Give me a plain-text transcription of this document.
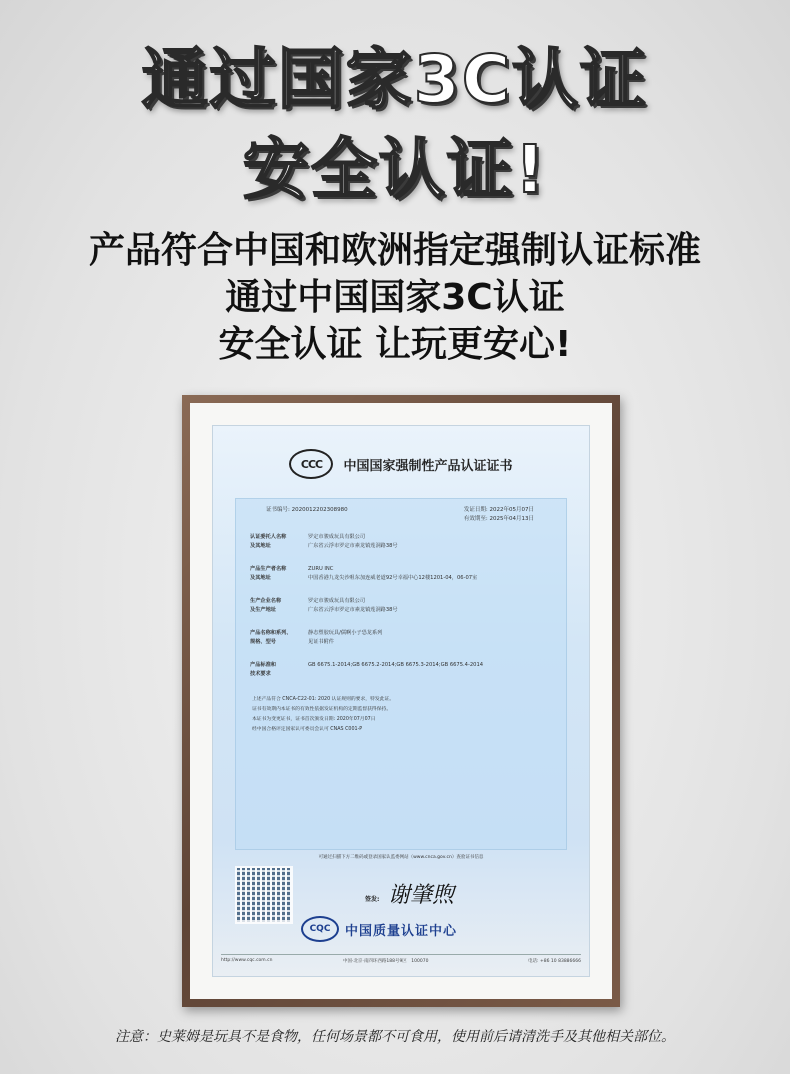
通过国家3C认证
安全认证!
产品符合中国和欧洲指定强制认证标准
通过中国国家3C认证
安全认证 让玩更安心!
CCC	中国国家强制性产品认证证书
证书编号: 2020012202308980	发证日期: 2022年05月07日
有效期至: 2025年04月13日
认证委托人名称	罗定市骏成玩具有限公司
及其地址	广东省云浮市罗定市素龙镇莲洞路38号
产品生产者名称	ZURU INC
及其地址	中国香港九龙尖沙咀东加连威老道92号幸福中心12楼1201-04，06-07室
生产企业名称	罗定市骏成玩具有限公司
及生产地址	广东省云浮市罗定市素龙镇莲洞路38号
产品名称和系列、	静态塑胶玩具/儒啊小子恐龙系列
规格、型号	见证书附件
产品标准和	GB 6675.1-2014;GB 6675.2-2014;GB 6675.3-2014;GB 6675.4-2014
技术要求
上述产品符合 CNCA-C22-01: 2020 认证规则的要求，特发此证。
证书有效期内本证书的有效性依据发证机构的定期监督获得保持。
本证书为变更证书，证书首次颁发日期: 2020年07月07日
经中国合格评定国家认可委员会认可 CNAS C001-P
可通过扫描下方二维码或登录国家认监委网站（www.cnca.gov.cn）查验证书信息
签发: 谢肇煦
CQC	中国质量认证中心
http://www.cqc.com.cn	中国·北京·南四环西路188号9区　100070	电话: +86 10 83886666
注意：史莱姆是玩具不是食物，任何场景都不可食用，使用前后请清洗手及其他相关部位。
